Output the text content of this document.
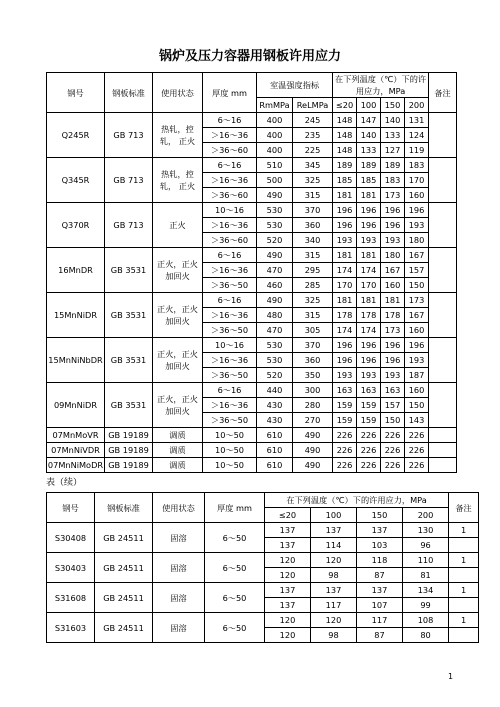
锅炉及压力容器用钢板许用应力
钢号	钢板标准	使用状态	厚度 mm	室温强度指标		在下列温度（℃）下的许用应力，MPa				备注
				RmMPa	ReLMPa	≤20	100	150	200	
Q245R	GB 713	热轧，控轧， 正火	6～16	400	245	148	147	140	131	
			＞16～36	400	235	148	140	133	124	
			＞36～60	400	225	148	133	127	119	
Q345R	GB 713	热轧，控轧， 正火	6～16	510	345	189	189	189	183	
			＞16～36	500	325	185	185	183	170	
			＞36～60	490	315	181	181	173	160	
Q370R	GB 713	正火	10～16	530	370	196	196	196	196	
			＞16～36	530	360	196	196	196	193	
			＞36～60	520	340	193	193	193	180	
16MnDR	GB 3531	正火，正火加回火	6～16	490	315	181	181	180	167	
			＞16～36	470	295	174	174	167	157	
			＞36～50	460	285	170	170	160	150	
15MnNiDR	GB 3531	正火，正火加回火	6～16	490	325	181	181	181	173	
			＞16～36	480	315	178	178	178	167	
			＞36～50	470	305	174	174	173	160	
15MnNiNbDR	GB 3531	正火，正火加回火	10～16	530	370	196	196	196	196	
			＞16～36	530	360	196	196	196	193	
			＞36～50	520	350	193	193	193	187	
09MnNiDR	GB 3531	正火，正火加回火	6～16	440	300	163	163	163	160	
			＞16～36	430	280	159	159	157	150	
			＞36～50	430	270	159	159	150	143	
07MnMoVR	GB 19189	调质	10～50	610	490	226	226	226	226	
07MnNiVDR	GB 19189	调质	10～50	610	490	226	226	226	226	
07MnNiMoDR	GB 19189	调质	10～50	610	490	226	226	226	226	
表（续）
钢号	钢板标准	使用状态	厚度 mm	在下列温度（℃）下的许用应力，MPa				备注
				≤20	100	150	200	
S30408	GB 24511	固溶	6～50	137	137	137	130	1
				137	114	103	96	
S30403	GB 24511	固溶	6～50	120	120	118	110	1
				120	98	87	81	
S31608	GB 24511	固溶	6～50	137	137	137	134	1
				137	117	107	99	
S31603	GB 24511	固溶	6～50	120	120	117	108	1
				120	98	87	80	
1
